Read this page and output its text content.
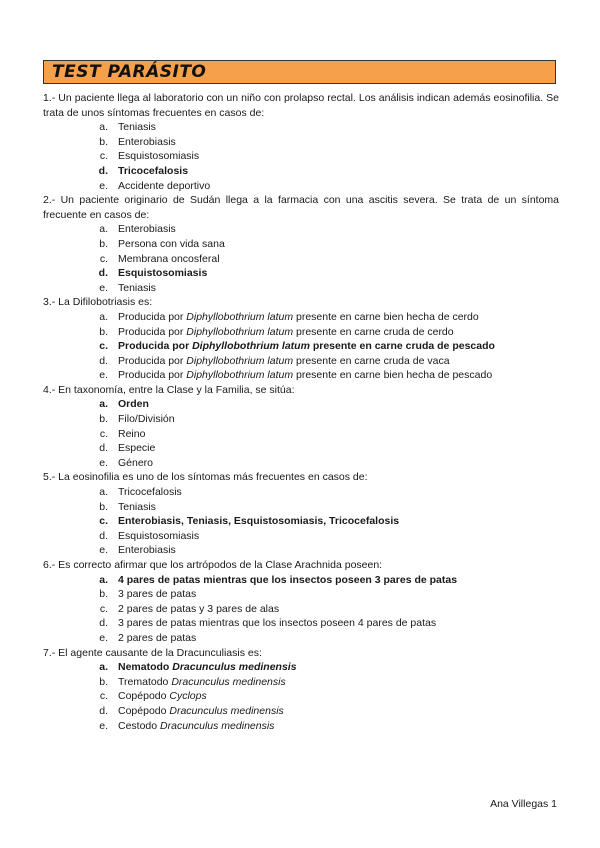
TEST PARÁSITO

1.- Un paciente llega al laboratorio con un niño con prolapso rectal. Los análisis indican además eosinofilia. Se trata de unos síntomas frecuentes en casos de:

a. Teniasis
b. Enterobiasis
c. Esquistosomiasis
d. Tricocefalosis
e. Accidente deportivo

2.- Un paciente originario de Sudán llega a la farmacia con una ascitis severa. Se trata de un síntoma frecuente en casos de:

a. Enterobiasis
b. Persona con vida sana
c. Membrana oncosferal
d. Esquistosomiasis
e. Teniasis

3.- La Difilobotriasis es:

a. Producida por Diphyllobothrium latum presente en carne bien hecha de cerdo
b. Producida por Diphyllobothrium latum presente en carne cruda de cerdo
c. Producida por Diphyllobothrium latum presente en carne cruda de pescado
d. Producida por Diphyllobothrium latum presente en carne cruda de vaca
e. Producida por Diphyllobothrium latum presente en carne bien hecha de pescado

4.- En taxonomía, entre la Clase y la Familia, se sitúa:

a. Orden
b. Filo/División
c. Reino
d. Especie
e. Género

5.- La eosinofilia es uno de los síntomas más frecuentes en casos de:

a. Tricocefalosis
b. Teniasis
c. Enterobiasis, Teniasis, Esquistosomiasis, Tricocefalosis
d. Esquistosomiasis
e. Enterobiasis

6.- Es correcto afirmar que los artrópodos de la Clase Arachnida poseen:

a. 4 pares de patas mientras que los insectos poseen 3 pares de patas
b. 3 pares de patas
c. 2 pares de patas y 3 pares de alas
d. 3 pares de patas mientras que los insectos poseen 4 pares de patas
e. 2 pares de patas

7.- El agente causante de la Dracunculiasis es:

a. Nematodo Dracunculus medinensis
b. Trematodo Dracunculus medinensis
c. Copépodo Cyclops
d. Copépodo Dracunculus medinensis
e. Cestodo Dracunculus medinensis
Ana Villegas 1
